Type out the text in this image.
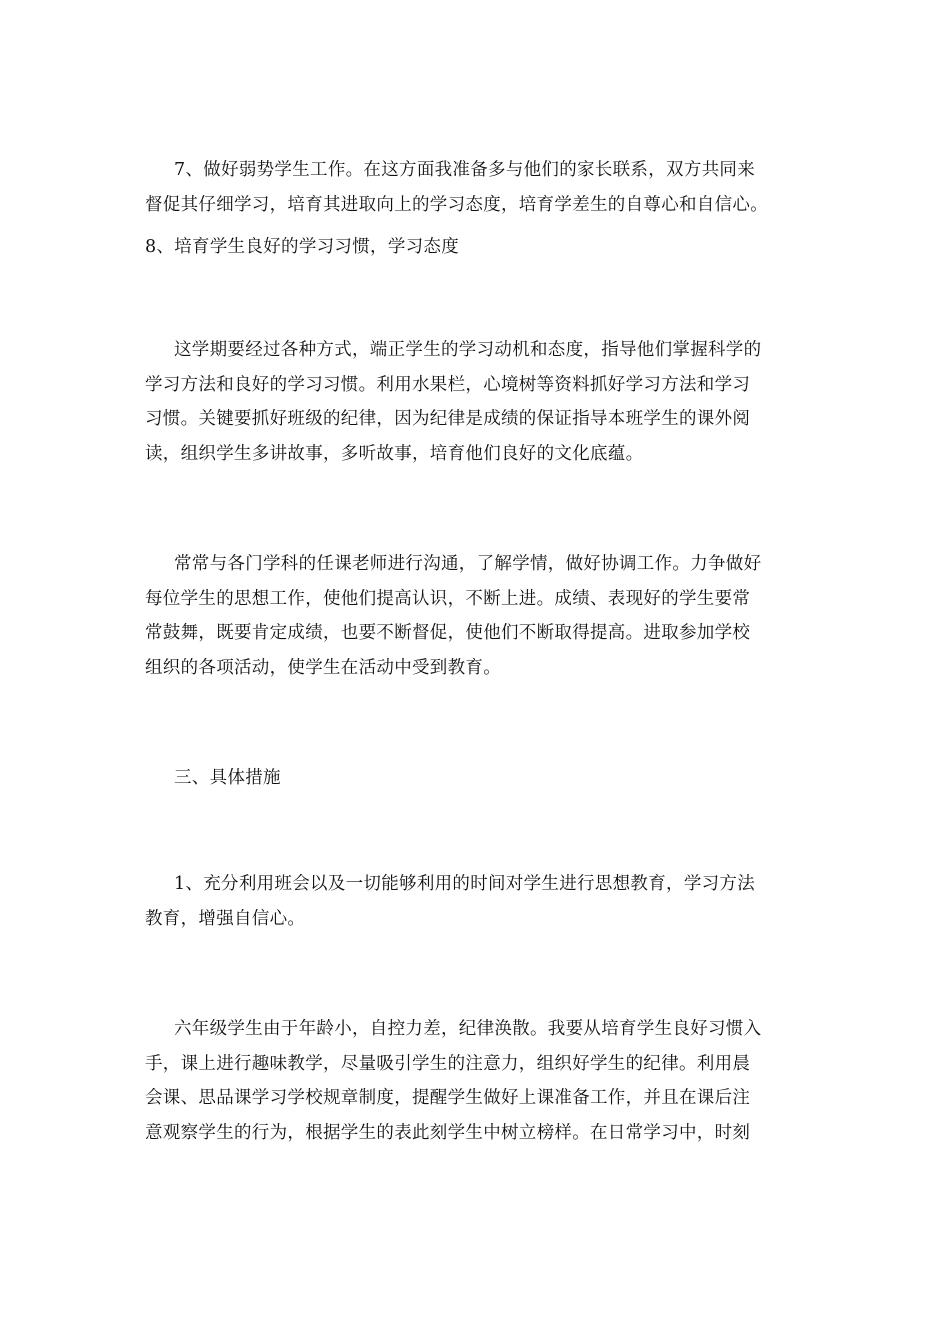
7、做好弱势学生工作。在这方面我准备多与他们的家长联系，双方共同来
督促其仔细学习，培育其进取向上的学习态度，培育学差生的自尊心和自信心。
8、培育学生良好的学习习惯，学习态度
这学期要经过各种方式，端正学生的学习动机和态度，指导他们掌握科学的
学习方法和良好的学习习惯。利用水果栏，心境树等资料抓好学习方法和学习
习惯。关键要抓好班级的纪律，因为纪律是成绩的保证指导本班学生的课外阅
读，组织学生多讲故事，多听故事，培育他们良好的文化底蕴。
常常与各门学科的任课老师进行沟通，了解学情，做好协调工作。力争做好
每位学生的思想工作，使他们提高认识，不断上进。成绩、表现好的学生要常
常鼓舞，既要肯定成绩，也要不断督促，使他们不断取得提高。进取参加学校
组织的各项活动，使学生在活动中受到教育。
三、具体措施
1、充分利用班会以及一切能够利用的时间对学生进行思想教育，学习方法
教育，增强自信心。
六年级学生由于年龄小，自控力差，纪律涣散。我要从培育学生良好习惯入
手，课上进行趣味教学，尽量吸引学生的注意力，组织好学生的纪律。利用晨
会课、思品课学习学校规章制度，提醒学生做好上课准备工作，并且在课后注
意观察学生的行为，根据学生的表此刻学生中树立榜样。在日常学习中，时刻
